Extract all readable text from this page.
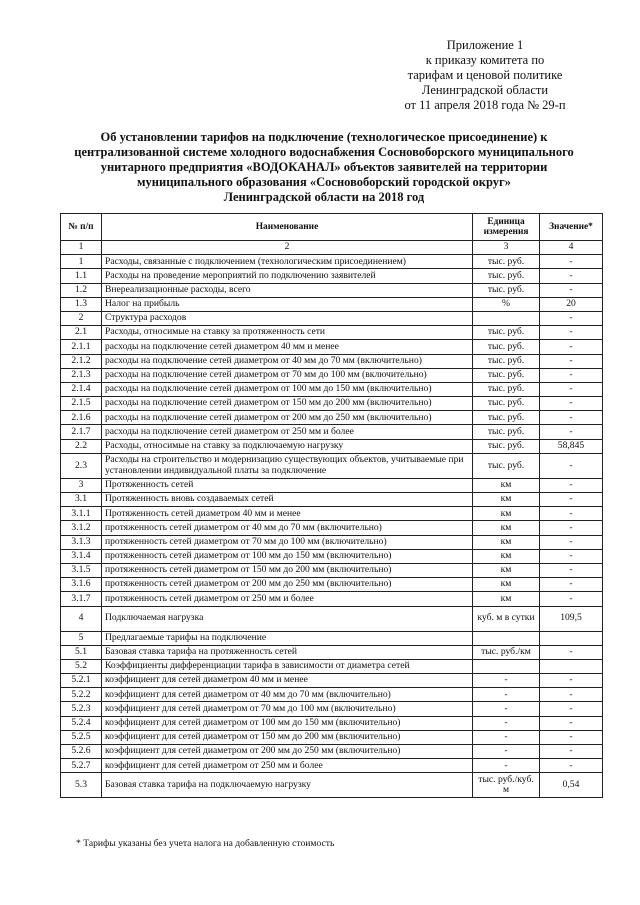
Приложение 1
к приказу комитета по
тарифам и ценовой политике
Ленинградской области
от 11 апреля 2018 года № 29-п
Об установлении тарифов на подключение (технологическое присоединение) к
централизованной системе холодного водоснабжения Сосновоборского муниципального
унитарного предприятия «ВОДОКАНАЛ» объектов заявителей на территории
муниципального образования «Сосновоборский городской округ»
Ленинградской области на 2018 год
№ п/п	Наименование	Единица измерения	Значение*
1	2	3	4
1	Расходы, связанные с подключением (технологическим присоединением)	тыс. руб.	-
1.1	Расходы на проведение мероприятий по подключению заявителей	тыс. руб.	-
1.2	Внереализационные расходы, всего	тыс. руб.	-
1.3	Налог на прибыль	%	20
2	Структура расходов		-
2.1	Расходы, относимые на ставку за протяженность сети	тыс. руб.	-
2.1.1	расходы на подключение сетей диаметром 40 мм и менее	тыс. руб.	-
2.1.2	расходы на подключение сетей диаметром от 40 мм до 70 мм (включительно)	тыс. руб.	-
2.1.3	расходы на подключение сетей диаметром от 70 мм до 100 мм (включительно)	тыс. руб.	-
2.1.4	расходы на подключение сетей диаметром от 100 мм до 150 мм (включительно)	тыс. руб.	-
2.1.5	расходы на подключение сетей диаметром от 150 мм до 200 мм (включительно)	тыс. руб.	-
2.1.6	расходы на подключение сетей диаметром от 200 мм до 250 мм (включительно)	тыс. руб.	-
2.1.7	расходы на подключение сетей диаметром от 250 мм и более	тыс. руб.	-
2.2	Расходы, относимые на ставку за подключаемую нагрузку	тыс. руб.	58,845
2.3	Расходы на строительство и модернизацию существующих объектов, учитываемые при установлении индивидуальной платы за подключение	тыс. руб.	-
3	Протяженность сетей	км	-
3.1	Протяженность вновь создаваемых сетей	км	-
3.1.1	Протяженность сетей диаметром 40 мм и менее	км	-
3.1.2	протяженность сетей диаметром от 40 мм до 70 мм (включительно)	км	-
3.1.3	протяженность сетей диаметром от 70 мм до 100 мм (включительно)	км	-
3.1.4	протяженность сетей диаметром от 100 мм до 150 мм (включительно)	км	-
3.1.5	протяженность сетей диаметром от 150 мм до 200 мм (включительно)	км	-
3.1.6	протяженность сетей диаметром от 200 мм до 250 мм (включительно)	км	-
3.1.7	протяженность сетей диаметром от 250 мм и более	км	-
4	Подключаемая нагрузка	куб. м в сутки	109,5
5	Предлагаемые тарифы на подключение		
5.1	Базовая ставка тарифа на протяженность сетей	тыс. руб./км	-
5.2	Коэффициенты дифференциации тарифа в зависимости от диаметра сетей		
5.2.1	коэффициент для сетей диаметром 40 мм и менее	-	-
5.2.2	коэффициент для сетей диаметром от 40 мм до 70 мм (включительно)	-	-
5.2.3	коэффициент для сетей диаметром от 70 мм до 100 мм (включительно)	-	-
5.2.4	коэффициент для сетей диаметром от 100 мм до 150 мм (включительно)	-	-
5.2.5	коэффициент для сетей диаметром от 150 мм до 200 мм (включительно)	-	-
5.2.6	коэффициент для сетей диаметром от 200 мм до 250 мм (включительно)	-	-
5.2.7	коэффициент для сетей диаметром от 250 мм и более	-	-
5.3	Базовая ставка тарифа на подключаемую нагрузку	тыс. руб./куб. м	0,54
* Тарифы указаны без учета налога на добавленную стоимость
